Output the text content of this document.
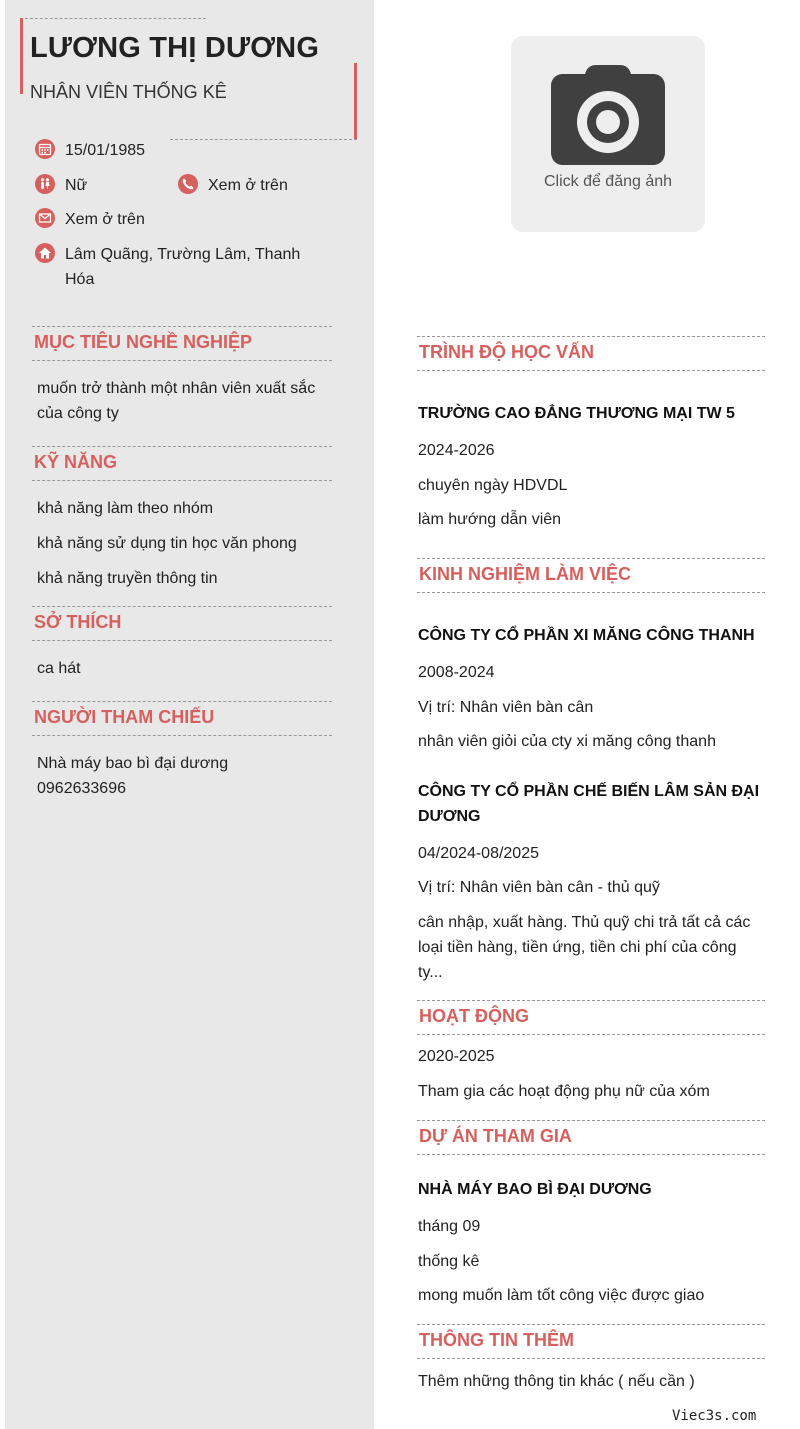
LƯƠNG THỊ DƯƠNG
NHÂN VIÊN THỐNG KÊ
15/01/1985
Nữ	Xem ở trên
Xem ở trên
Lâm Quãng, Trường Lâm, Thanh Hóa
MỤC TIÊU NGHỀ NGHIỆP
muốn trở thành một nhân viên xuất sắc của công ty
KỸ NĂNG
khả năng làm theo nhóm
khả năng sử dụng tin học văn phong
khả năng truyền thông tin
SỞ THÍCH
ca hát
NGƯỜI THAM CHIẾU
Nhà máy bao bì đại dương 0962633696
Click để đăng ảnh
TRÌNH ĐỘ HỌC VẤN
TRƯỜNG CAO ĐẲNG THƯƠNG MẠI TW 5
2024-2026
chuyên ngày HDVDL
làm hướng dẫn viên
KINH NGHIỆM LÀM VIỆC
CÔNG TY CỔ PHẦN XI MĂNG CÔNG THANH
2008-2024
Vị trí: Nhân viên bàn cân
nhân viên giỏi của cty xi măng công thanh
CÔNG TY CỔ PHẦN CHẾ BIẾN LÂM SẢN ĐẠI DƯƠNG
04/2024-08/2025
Vị trí: Nhân viên bàn cân - thủ quỹ
cân nhập, xuất hàng. Thủ quỹ chi trả tất cả các loại tiền hàng, tiền ứng, tiền chi phí của công ty...
HOẠT ĐỘNG
2020-2025
Tham gia các hoạt động phụ nữ của xóm
DỰ ÁN THAM GIA
NHÀ MÁY BAO BÌ ĐẠI DƯƠNG
tháng 09
thống kê
mong muốn làm tốt công việc được giao
THÔNG TIN THÊM
Thêm những thông tin khác ( nếu cần )
Viec3s.com
